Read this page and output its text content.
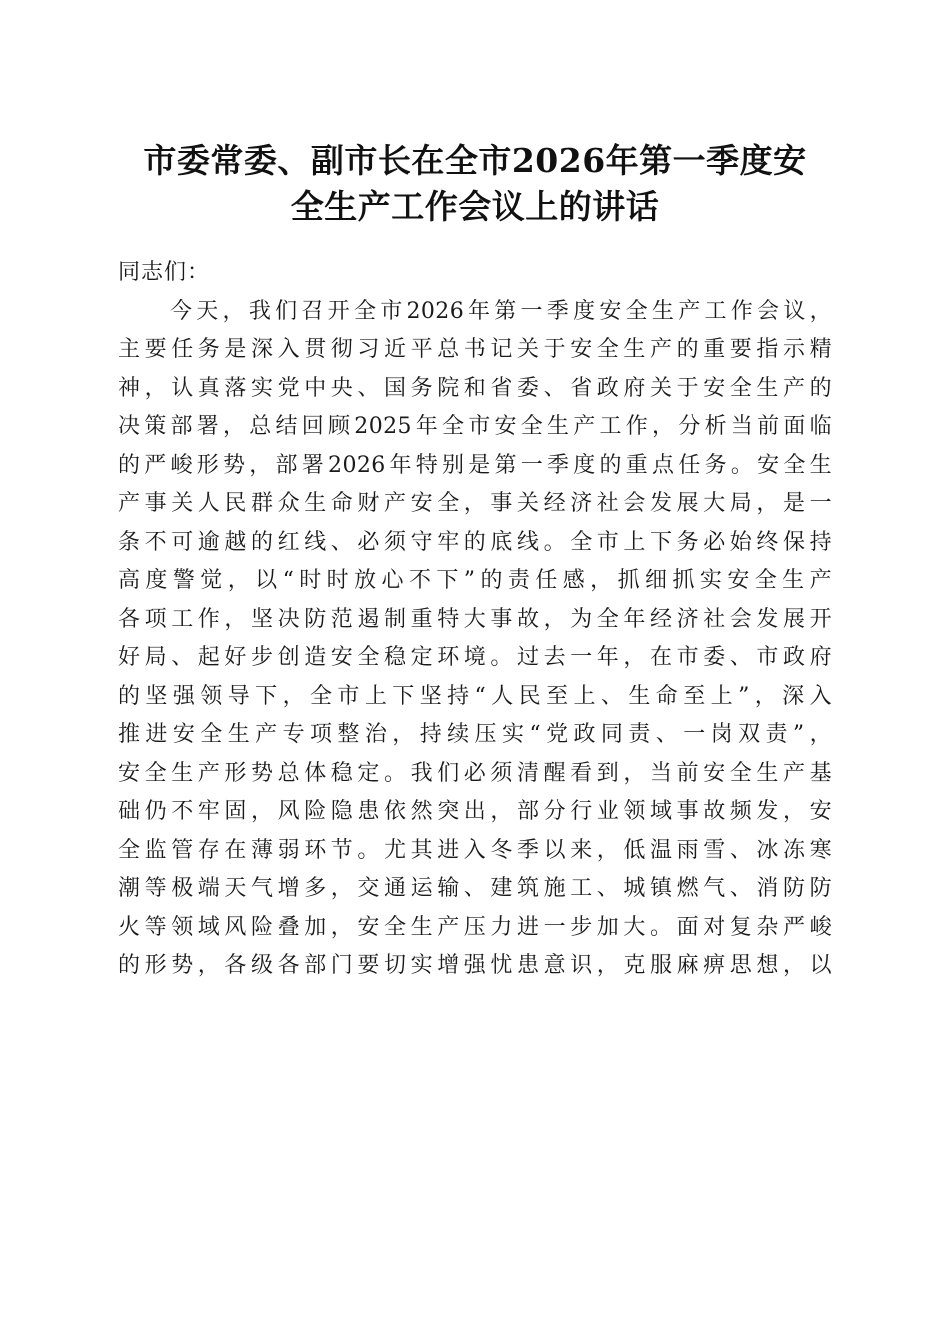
市委常委、副市长在全市2026年第一季度安
全生产工作会议上的讲话

同志们：

今天，我们召开全市2026年第一季度安全生产工作会议，
主要任务是深入贯彻习近平总书记关于安全生产的重要指示精
神，认真落实党中央、国务院和省委、省政府关于安全生产的
决策部署，总结回顾2025年全市安全生产工作，分析当前面临
的严峻形势，部署2026年特别是第一季度的重点任务。安全生
产事关人民群众生命财产安全，事关经济社会发展大局，是一
条不可逾越的红线、必须守牢的底线。全市上下务必始终保持
高度警觉，以“时时放心不下”的责任感，抓细抓实安全生产
各项工作，坚决防范遏制重特大事故，为全年经济社会发展开
好局、起好步创造安全稳定环境。过去一年，在市委、市政府
的坚强领导下，全市上下坚持“人民至上、生命至上”，深入
推进安全生产专项整治，持续压实“党政同责、一岗双责”，
安全生产形势总体稳定。我们必须清醒看到，当前安全生产基
础仍不牢固，风险隐患依然突出，部分行业领域事故频发，安
全监管存在薄弱环节。尤其进入冬季以来，低温雨雪、冰冻寒
潮等极端天气增多，交通运输、建筑施工、城镇燃气、消防防
火等领域风险叠加，安全生产压力进一步加大。面对复杂严峻
的形势，各级各部门要切实增强忧患意识，克服麻痹思想，以
